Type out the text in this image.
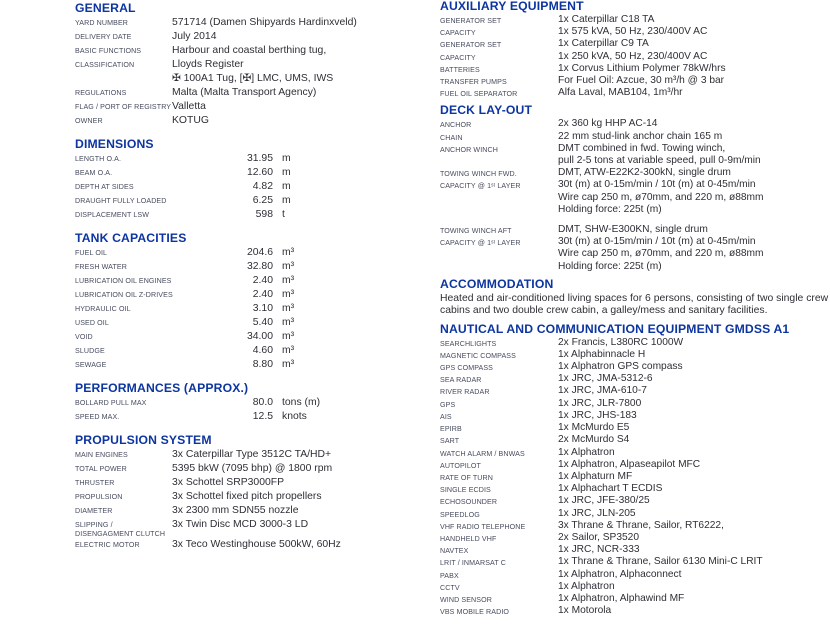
GENERAL
YARD NUMBER	571714 (Damen Shipyards Hardinxveld)
DELIVERY DATE	July 2014
BASIC FUNCTIONS	Harbour and coastal berthing tug,
CLASSIFICATION	Lloyds Register
✠ 100A1 Tug, [✠] LMC, UMS, IWS
REGULATIONS	Malta (Malta Transport Agency)
FLAG / PORT OF REGISTRY Valletta
OWNER	KOTUG
DIMENSIONS
LENGTH O.A.	31.95 m
BEAM O.A.	12.60 m
DEPTH AT SIDES	4.82 m
DRAUGHT FULLY LOADED	6.25 m
DISPLACEMENT LSW	598 t
TANK CAPACITIES
FUEL OIL	204.6 m³
FRESH WATER	32.80 m³
LUBRICATION OIL ENGINES	2.40 m³
LUBRICATION OIL Z-DRIVES	2.40 m³
HYDRAULIC OIL	3.10 m³
USED OIL	5.40 m³
VOID	34.00 m³
SLUDGE	4.60 m³
SEWAGE	8.80 m³
PERFORMANCES (APPROX.)
BOLLARD PULL MAX	80.0 tons (m)
SPEED MAX.	12.5 knots
PROPULSION SYSTEM
MAIN ENGINES	3x Caterpillar Type 3512C TA/HD+
TOTAL POWER	5395 bkW (7095 bhp) @ 1800 rpm
THRUSTER	3x Schottel SRP3000FP
PROPULSION	3x Schottel fixed pitch propellers
DIAMETER	3x 2300 mm SDN55 nozzle
SLIPPING / DISENGAGMENT CLUTCH
3x Twin Disc MCD 3000-3 LD
ELECTRIC MOTOR	3x Teco Westinghouse 500kW, 60Hz
AUXILIARY EQUIPMENT
GENERATOR SET	1x Caterpillar C18 TA
CAPACITY	1x 575 kVA, 50 Hz, 230/400V AC
GENERATOR SET	1x Caterpillar C9 TA
CAPACITY	1x 250 kVA, 50 Hz, 230/400V AC
BATTERIES	1x Corvus Lithium Polymer 78kW/hrs
TRANSFER PUMPS	For Fuel Oil: Azcue, 30 m³/h @ 3 bar
FUEL OIL SEPARATOR	Alfa Laval, MAB104, 1m³/hr
DECK LAY-OUT
ANCHOR	2x 360 kg HHP AC-14
CHAIN	22 mm stud-link anchor chain 165 m
ANCHOR WINCH	DMT combined in fwd. Towing winch,
pull 2-5 tons at variable speed, pull 0-9m/min
TOWING WINCH FWD.	DMT, ATW-E22K2-300kN, single drum
CAPACITY @ 1ˢᵗ LAYER	30t (m) at 0-15m/min / 10t (m) at 0-45m/min
Wire cap 250 m, ø70mm, and 220 m, ø88mm
Holding force: 225t (m)
TOWING WINCH AFT	DMT, SHW-E300KN, single drum
CAPACITY @ 1ˢᵗ LAYER	30t (m) at 0-15m/min / 10t (m) at 0-45m/min
Wire cap 250 m, ø70mm, and 220 m, ø88mm
Holding force: 225t (m)
ACCOMMODATION

Heated and air-conditioned living spaces for 6 persons, consisting of two single crew cabins and two double crew cabin, a galley/mess and sanitary facilities.

NAUTICAL AND COMMUNICATION EQUIPMENT GMDSS A1
SEARCHLIGHTS	2x Francis, L380RC 1000W
MAGNETIC COMPASS	1x Alphabinnacle H
GPS COMPASS	1x Alphatron GPS compass
SEA RADAR	1x JRC, JMA-5312-6
RIVER RADAR	1x JRC, JMA-610-7
GPS	1x JRC, JLR-7800
AIS	1x JRC, JHS-183
EPIRB	1x McMurdo E5
SART	2x McMurdo S4
WATCH ALARM / BNWAS	1x Alphatron
AUTOPILOT	1x Alphatron, Alpaseapilot MFC
RATE OF TURN	1x Alphaturn MF
SINGLE ECDIS	1x Alphachart T ECDIS
ECHOSOUNDER	1x JRC, JFE-380/25
SPEEDLOG	1x JRC, JLN-205
VHF RADIO TELEPHONE	3x Thrane & Thrane, Sailor, RT6222,
HANDHELD VHF	2x Sailor, SP3520
NAVTEX	1x JRC, NCR-333
LRIT / INMARSAT C	1x Thrane & Thrane, Sailor 6130 Mini-C LRIT
PABX	1x Alphatron, Alphaconnect
CCTV	1x Alphatron
WIND SENSOR	1x Alphatron, Alphawind MF
VBS MOBILE RADIO	1x Motorola
